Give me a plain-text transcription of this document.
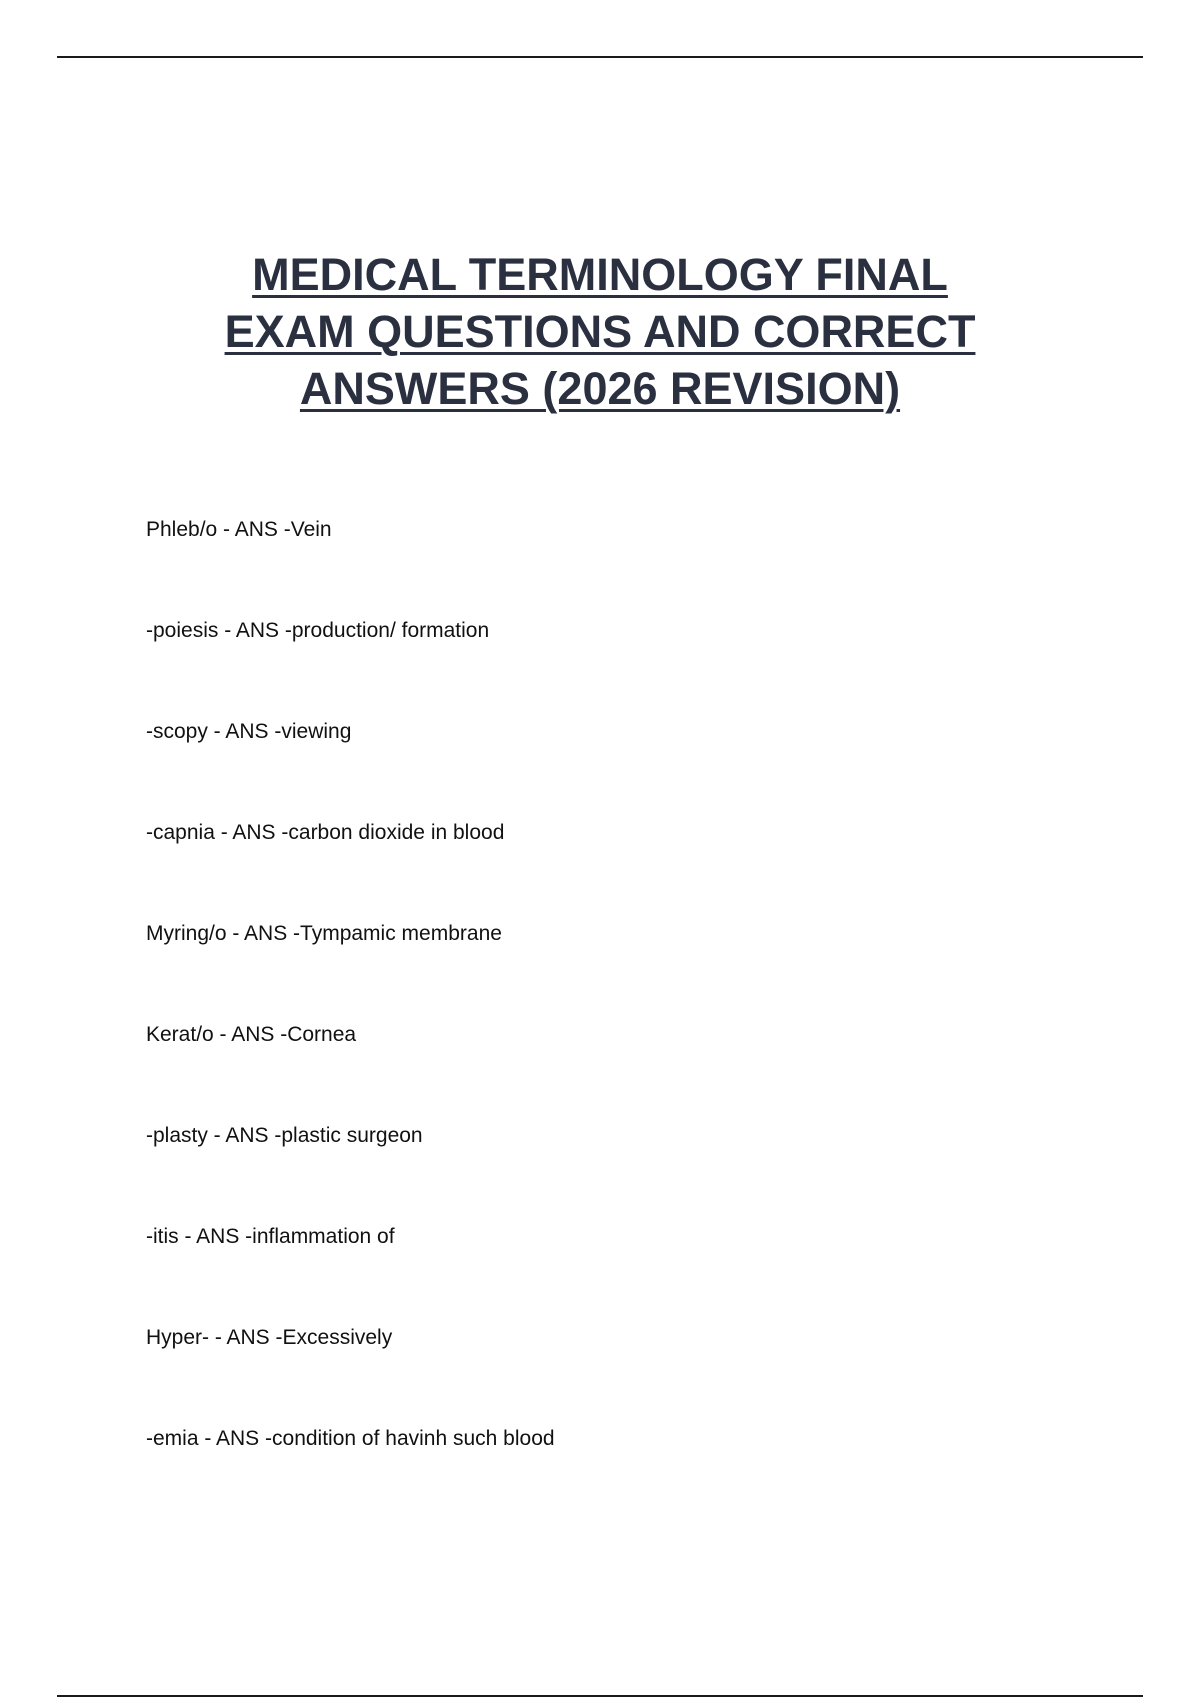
MEDICAL TERMINOLOGY FINAL
EXAM QUESTIONS AND CORRECT
ANSWERS (2026 REVISION)
Phleb/o - ANS -Vein
-poiesis - ANS -production/ formation
-scopy - ANS -viewing
-capnia - ANS -carbon dioxide in blood
Myring/o - ANS -Tympamic membrane
Kerat/o - ANS -Cornea
-plasty - ANS -plastic surgeon
-itis - ANS -inflammation of
Hyper- - ANS -Excessively
-emia - ANS -condition of havinh such blood
